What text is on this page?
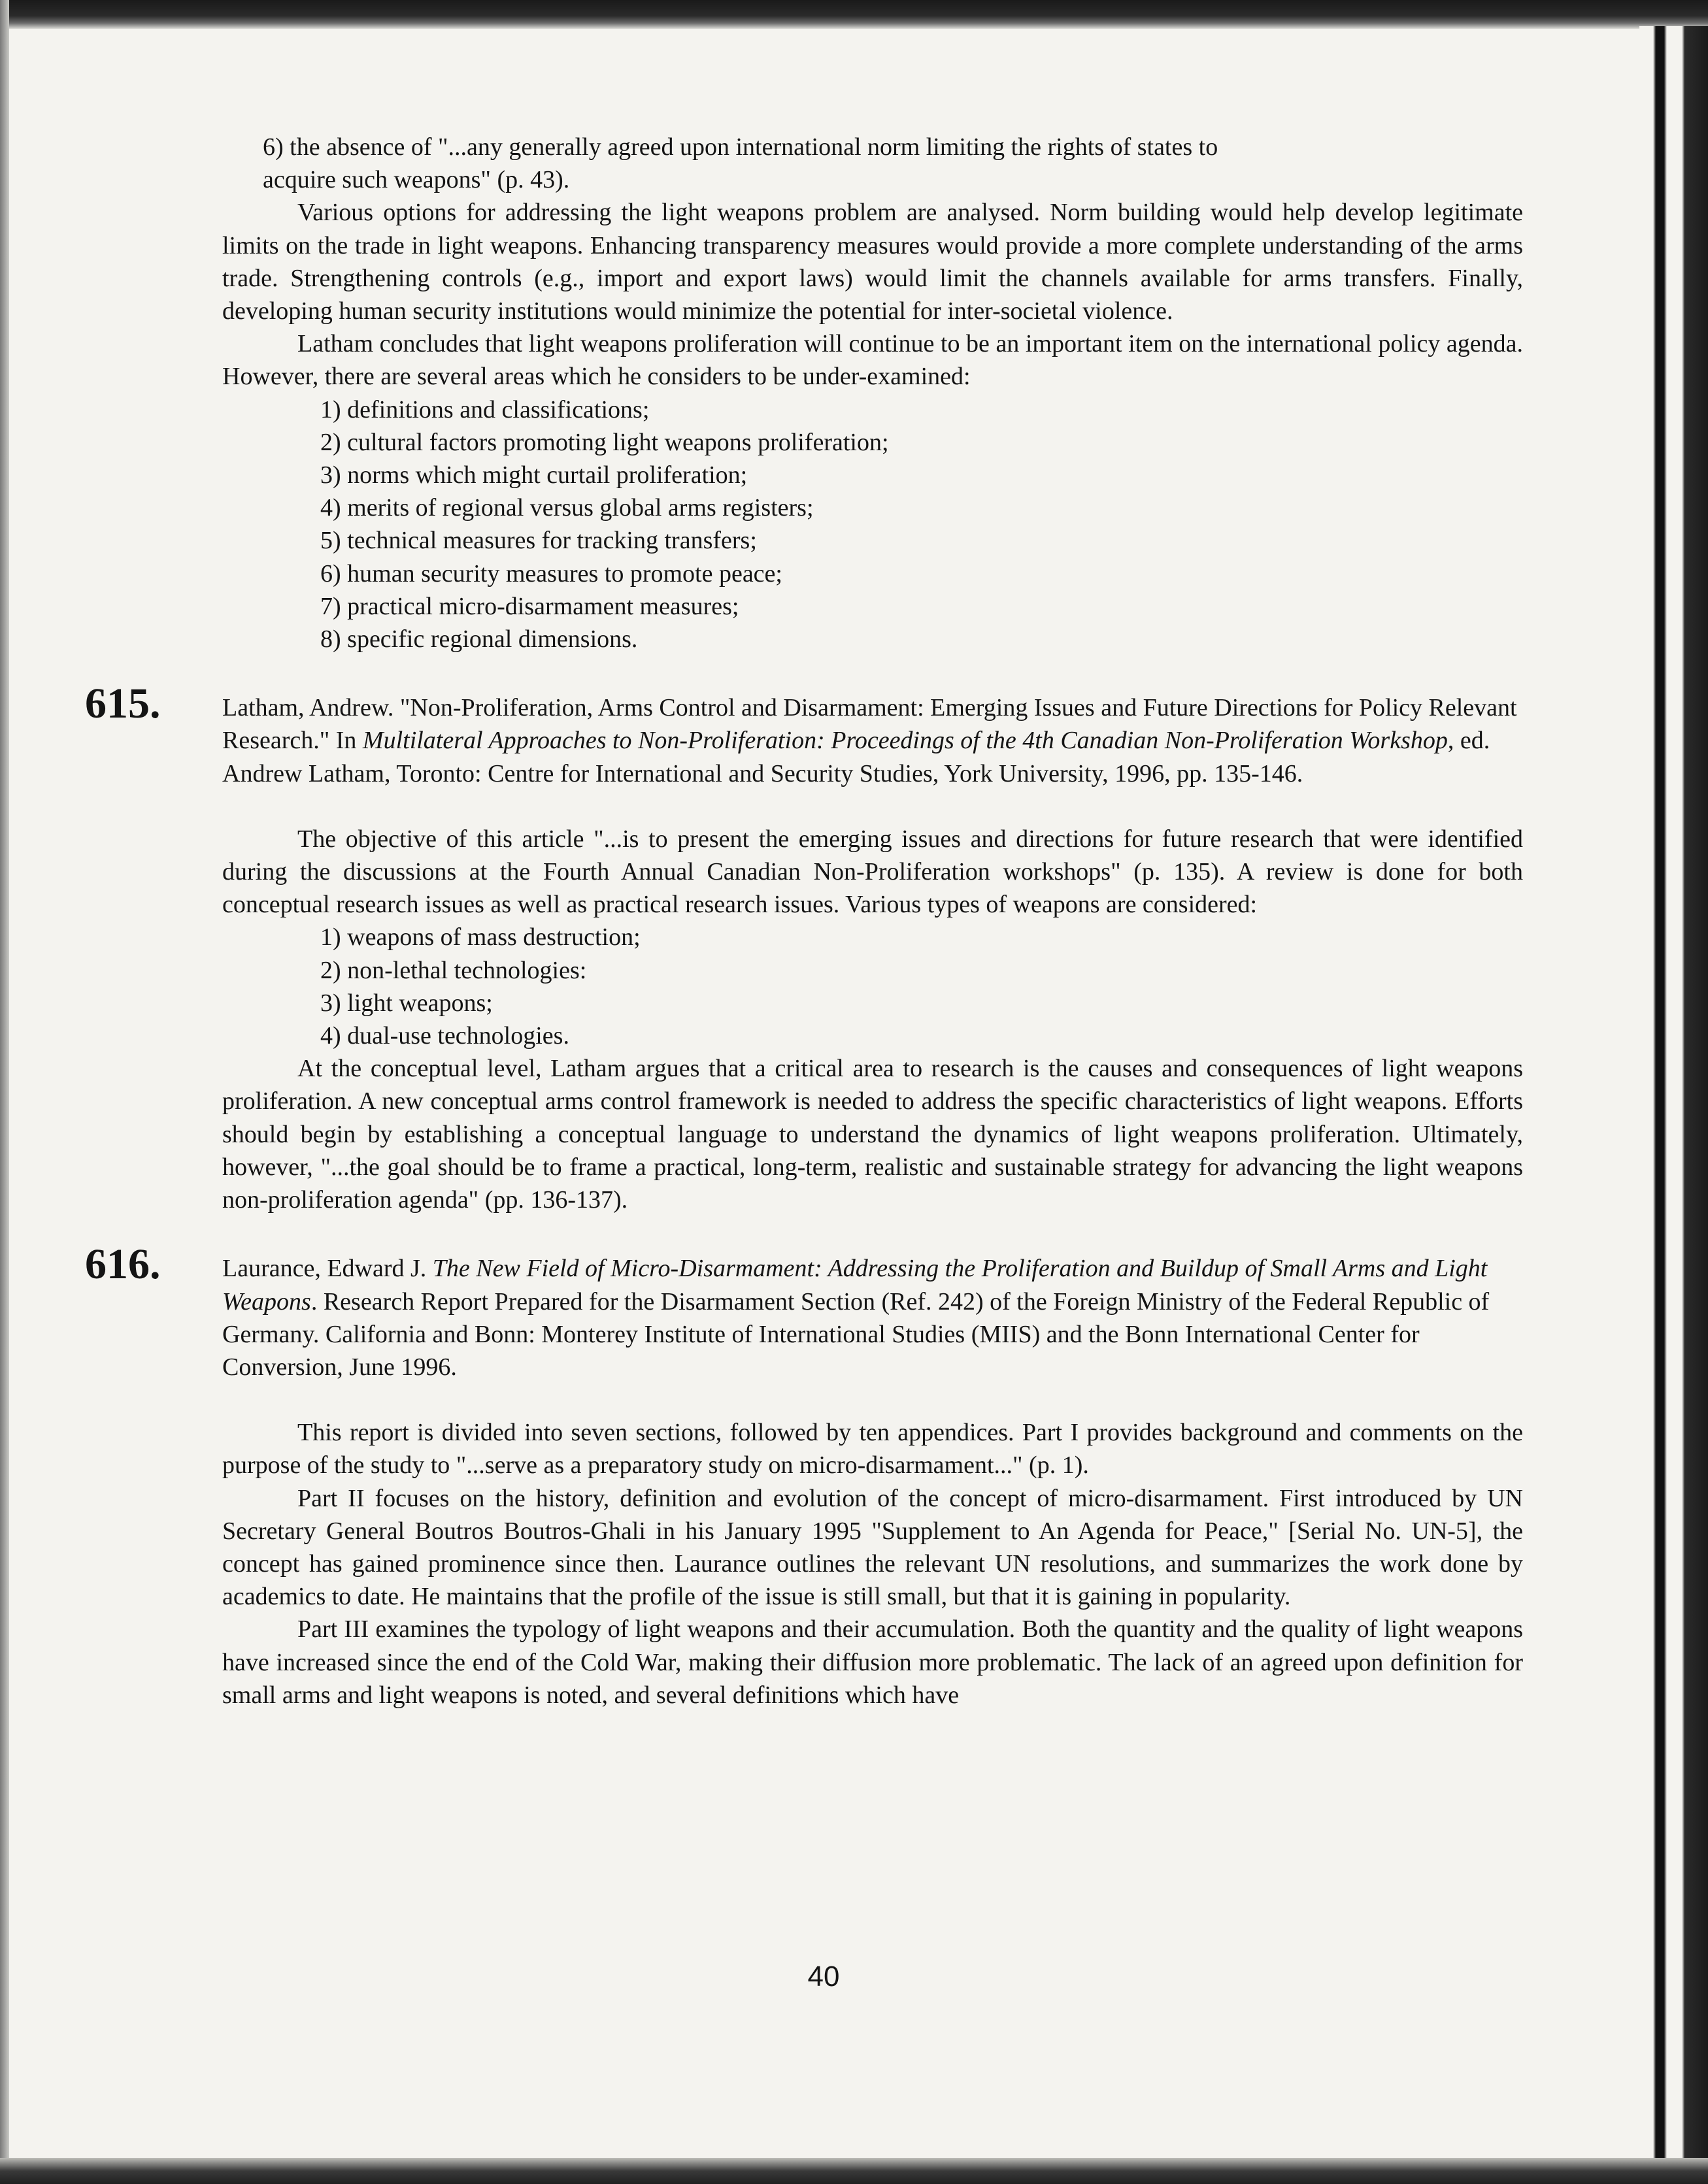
6) the absence of "...any generally agreed upon international norm limiting the rights of states to
acquire such weapons" (p. 43).

Various options for addressing the light weapons problem are analysed. Norm building would help develop legitimate limits on the trade in light weapons. Enhancing transparency measures would provide a more complete understanding of the arms trade. Strengthening controls (e.g., import and export laws) would limit the channels available for arms transfers. Finally, developing human security institutions would minimize the potential for inter-societal violence.

Latham concludes that light weapons proliferation will continue to be an important item on the international policy agenda. However, there are several areas which he considers to be under-examined:

1) definitions and classifications;
2) cultural factors promoting light weapons proliferation;
3) norms which might curtail proliferation;
4) merits of regional versus global arms registers;
5) technical measures for tracking transfers;
6) human security measures to promote peace;
7) practical micro-disarmament measures;
8) specific regional dimensions.
615. Latham, Andrew. "Non-Proliferation, Arms Control and Disarmament: Emerging Issues and Future Directions for Policy Relevant Research." In Multilateral Approaches to Non-Proliferation: Proceedings of the 4th Canadian Non-Proliferation Workshop, ed. Andrew Latham, Toronto: Centre for International and Security Studies, York University, 1996, pp. 135-146.

The objective of this article "...is to present the emerging issues and directions for future research that were identified during the discussions at the Fourth Annual Canadian Non-Proliferation workshops" (p. 135). A review is done for both conceptual research issues as well as practical research issues. Various types of weapons are considered:

1) weapons of mass destruction;
2) non-lethal technologies:
3) light weapons;
4) dual-use technologies.

At the conceptual level, Latham argues that a critical area to research is the causes and consequences of light weapons proliferation. A new conceptual arms control framework is needed to address the specific characteristics of light weapons. Efforts should begin by establishing a conceptual language to understand the dynamics of light weapons proliferation. Ultimately, however, "...the goal should be to frame a practical, long-term, realistic and sustainable strategy for advancing the light weapons non-proliferation agenda" (pp. 136-137).

616. Laurance, Edward J. The New Field of Micro-Disarmament: Addressing the Proliferation and Buildup of Small Arms and Light Weapons. Research Report Prepared for the Disarmament Section (Ref. 242) of the Foreign Ministry of the Federal Republic of Germany. California and Bonn: Monterey Institute of International Studies (MIIS) and the Bonn International Center for Conversion, June 1996.

This report is divided into seven sections, followed by ten appendices. Part I provides background and comments on the purpose of the study to "...serve as a preparatory study on micro-disarmament..." (p. 1).

Part II focuses on the history, definition and evolution of the concept of micro-disarmament. First introduced by UN Secretary General Boutros Boutros-Ghali in his January 1995 "Supplement to An Agenda for Peace," [Serial No. UN-5], the concept has gained prominence since then. Laurance outlines the relevant UN resolutions, and summarizes the work done by academics to date. He maintains that the profile of the issue is still small, but that it is gaining in popularity.

Part III examines the typology of light weapons and their accumulation. Both the quantity and the quality of light weapons have increased since the end of the Cold War, making their diffusion more problematic. The lack of an agreed upon definition for small arms and light weapons is noted, and several definitions which have

40
